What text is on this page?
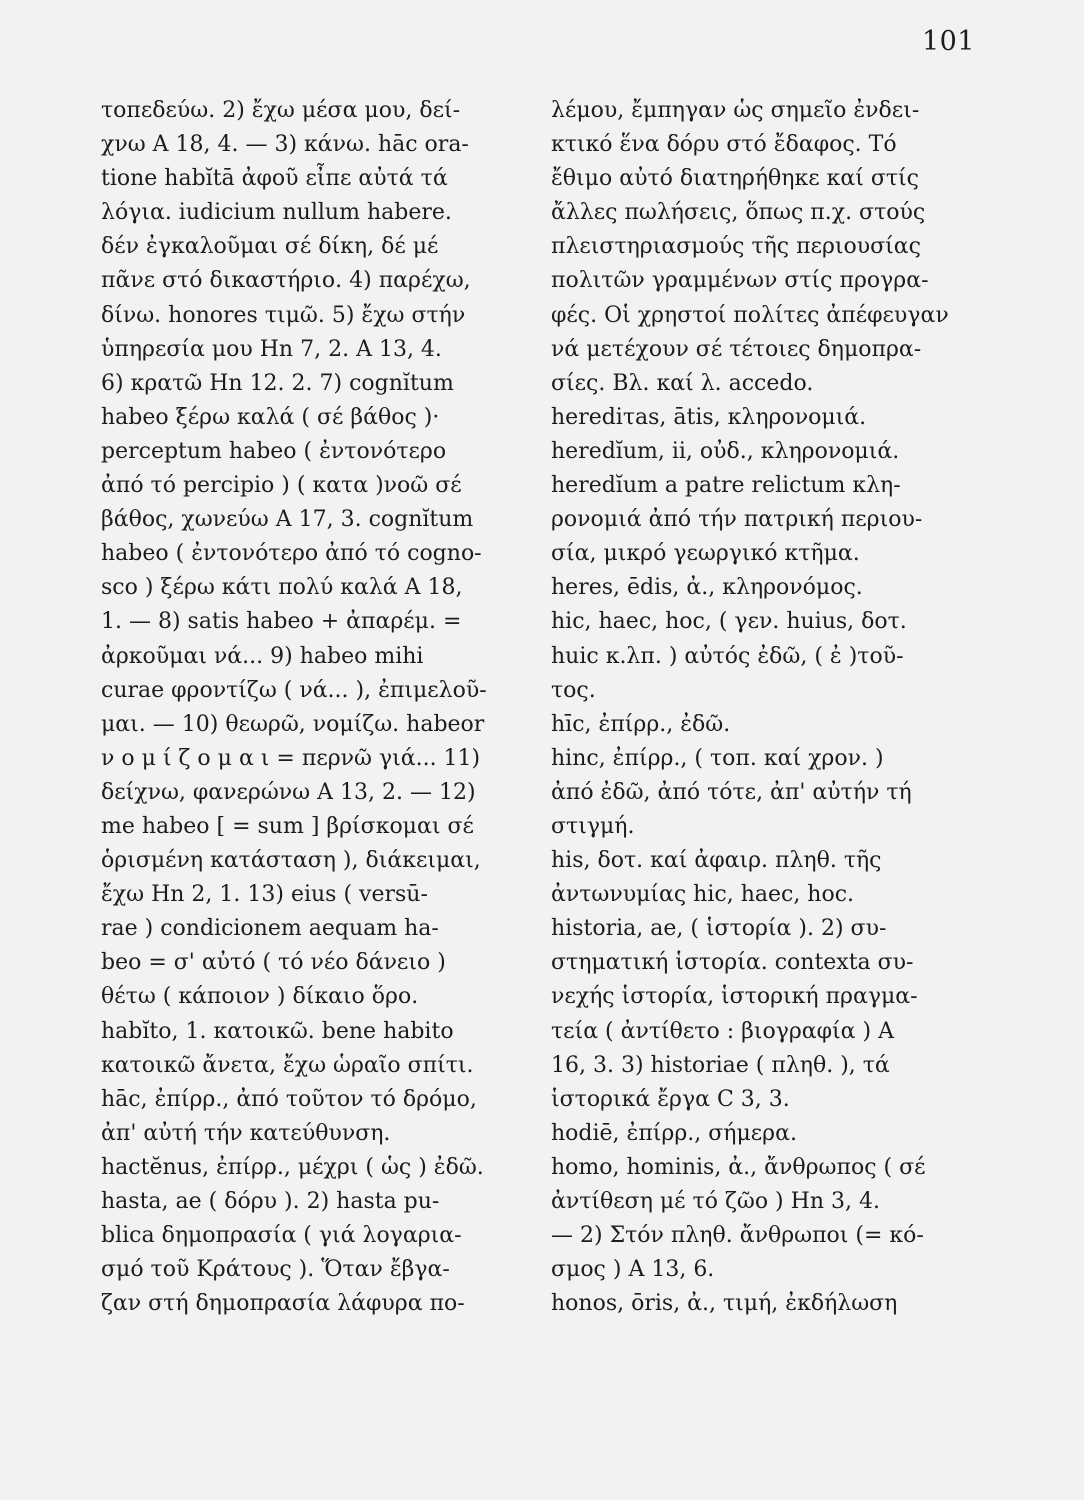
101
τοπεδεύω. 2) ἔχω μέσα μου, δεί-
χνω A 18, 4. — 3) κάνω. hāc ora-
tione habĭtā ἀφοῦ εἶπε αὐτά τά
λόγια. iudicium nullum habere.
δέν ἐγκαλοῦμαι σέ δίκη, δέ μέ
πᾶνε στό δικαστήριο. 4) παρέχω,
δίνω. honores τιμῶ. 5) ἔχω στήν
ὑπηρεσία μου Hn 7, 2. A 13, 4.
6) κρατῶ Hn 12. 2. 7) cognĭtum
habeo ξέρω καλά ( σέ βάθος )·
perceptum habeo ( ἐντονότερο
ἀπό τό percipio ) ( κατα )νοῶ σέ
βάθος, χωνεύω A 17, 3. cognĭtum
habeo ( ἐντονότερο ἀπό τό cogno-
sco ) ξέρω κάτι πολύ καλά A 18,
1. — 8) satis habeo + ἀπαρέμ. =
ἀρκοῦμαι νά... 9) habeo mihi
curae φροντίζω ( νά... ), ἐπιμελοῦ-
μαι. — 10) θεωρῶ, νομίζω. habeor
ν ο μ ί ζ ο μ α ι = περνῶ γιά... 11)
δείχνω, φανερώνω A 13, 2. — 12)
me habeo [ = sum ] βρίσκομαι σέ
ὁρισμένη κατάσταση ), διάκειμαι,
ἔχω Hn 2, 1. 13) eius ( versū-
rae ) condicionem aequam ha-
beo = σ' αὐτό ( τό νέο δάνειο )
θέτω ( κάποιον ) δίκαιο ὅρο.
habĭto, 1. κατοικῶ. bene habito
κατοικῶ ἄνετα, ἔχω ὡραῖο σπίτι.
hāc, ἐπίρρ., ἀπό τοῦτον τό δρόμο,
ἀπ' αὐτή τήν κατεύθυνση.
hactĕnus, ἐπίρρ., μέχρι ( ὡς ) ἐδῶ.
hasta, ae ( δόρυ ). 2) hasta pu-
blica δημοπρασία ( γιά λογαρια-
σμό τοῦ Κράτους ). Ὅταν ἔβγα-
ζαν στή δημοπρασία λάφυρα πο-
λέμου, ἔμπηγαν ὡς σημεῖο ἐνδει-
κτικό ἕνα δόρυ στό ἔδαφος. Τό
ἔθιμο αὐτό διατηρήθηκε καί στίς
ἄλλες πωλήσεις, ὅπως π.χ. στούς
πλειστηριασμούς τῆς περιουσίας
πολιτῶν γραμμένων στίς προγρα-
φές. Οἱ χρηστοί πολίτες ἀπέφευγαν
νά μετέχουν σέ τέτοιες δημοπρα-
σίες. Βλ. καί λ. accedo.
herediτas, ātis, κληρονομιά.
heredĭum, ii, οὐδ., κληρονομιά.
heredĭum a patre relictum κλη-
ρονομιά ἀπό τήν πατρική περιου-
σία, μικρό γεωργικό κτῆμα.
heres, ēdis, ἀ., κληρονόμος.
hic, haec, hoc, ( γεν. huius, δοτ.
huic κ.λπ. ) αὐτός ἐδῶ, ( ἐ )τοῦ-
τος.
hīc, ἐπίρρ., ἐδῶ.
hinc, ἐπίρρ., ( τοπ. καί χρον. )
ἀπό ἐδῶ, ἀπό τότε, ἀπ' αὐτήν τή
στιγμή.
his, δοτ. καί ἀφαιρ. πληθ. τῆς
ἀντωνυμίας hic, haec, hoc.
historia, ae, ( ἱστορία ). 2) συ-
στηματική ἱστορία. contexta συ-
νεχής ἱστορία, ἱστορική πραγμα-
τεία ( ἀντίθετο : βιογραφία ) A
16, 3. 3) historiae ( πληθ. ), τά
ἱστορικά ἔργα C 3, 3.
hodiē, ἐπίρρ., σήμερα.
homo, hominis, ἀ., ἄνθρωπος ( σέ
ἀντίθεση μέ τό ζῶο ) Hn 3, 4.
— 2) Στόν πληθ. ἄνθρωποι (= κό-
σμος ) A 13, 6.
honos, ōris, ἀ., τιμή, ἐκδήλωση
